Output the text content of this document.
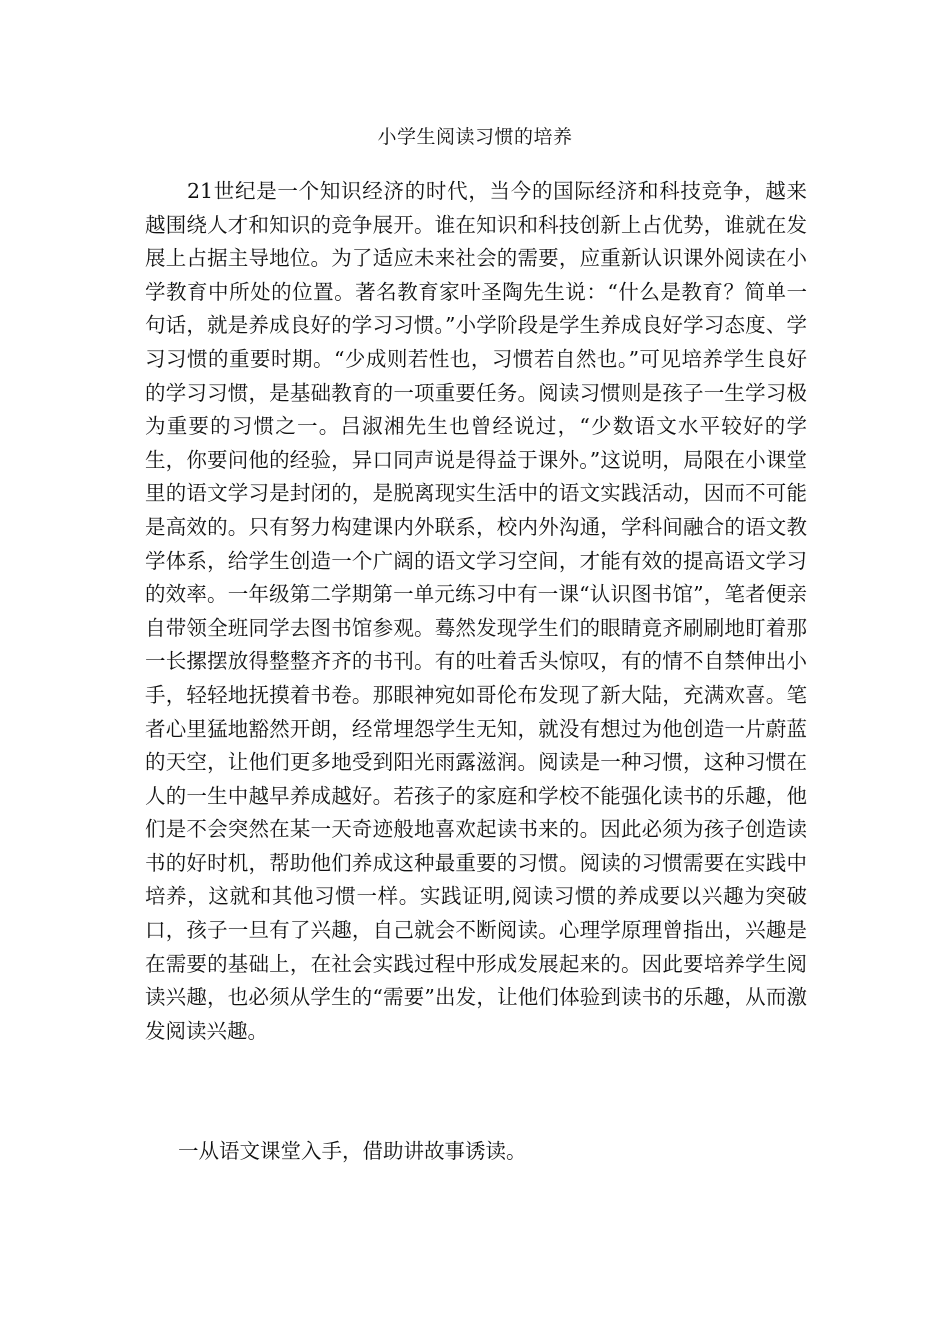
小学生阅读习惯的培养

21世纪是一个知识经济的时代，当今的国际经济和科技竞争，越来越围绕人才和知识的竞争展开。谁在知识和科技创新上占优势，谁就在发展上占据主导地位。为了适应未来社会的需要，应重新认识课外阅读在小学教育中所处的位置。著名教育家叶圣陶先生说：“什么是教育？简单一句话，就是养成良好的学习习惯。”小学阶段是学生养成良好学习态度、学习习惯的重要时期。“少成则若性也，习惯若自然也。”可见培养学生良好的学习习惯，是基础教育的一项重要任务。阅读习惯则是孩子一生学习极为重要的习惯之一。吕淑湘先生也曾经说过，“少数语文水平较好的学生，你要问他的经验，异口同声说是得益于课外。”这说明，局限在小课堂里的语文学习是封闭的，是脱离现实生活中的语文实践活动，因而不可能是高效的。只有努力构建课内外联系，校内外沟通，学科间融合的语文教学体系，给学生创造一个广阔的语文学习空间，才能有效的提高语文学习的效率。一年级第二学期第一单元练习中有一课“认识图书馆”，笔者便亲自带领全班同学去图书馆参观。蓦然发现学生们的眼睛竟齐刷刷地盯着那一长摞摆放得整整齐齐的书刊。有的吐着舌头惊叹，有的情不自禁伸出小手，轻轻地抚摸着书卷。那眼神宛如哥伦布发现了新大陆，充满欢喜。笔者心里猛地豁然开朗，经常埋怨学生无知，就没有想过为他创造一片蔚蓝的天空，让他们更多地受到阳光雨露滋润。阅读是一种习惯，这种习惯在人的一生中越早养成越好。若孩子的家庭和学校不能强化读书的乐趣，他们是不会突然在某一天奇迹般地喜欢起读书来的。因此必须为孩子创造读书的好时机，帮助他们养成这种最重要的习惯。阅读的习惯需要在实践中培养，这就和其他习惯一样。实践证明,阅读习惯的养成要以兴趣为突破口，孩子一旦有了兴趣，自己就会不断阅读。心理学原理曾指出，兴趣是在需要的基础上，在社会实践过程中形成发展起来的。因此要培养学生阅读兴趣，也必须从学生的“需要”出发，让他们体验到读书的乐趣，从而激发阅读兴趣。

一从语文课堂入手，借助讲故事诱读。
